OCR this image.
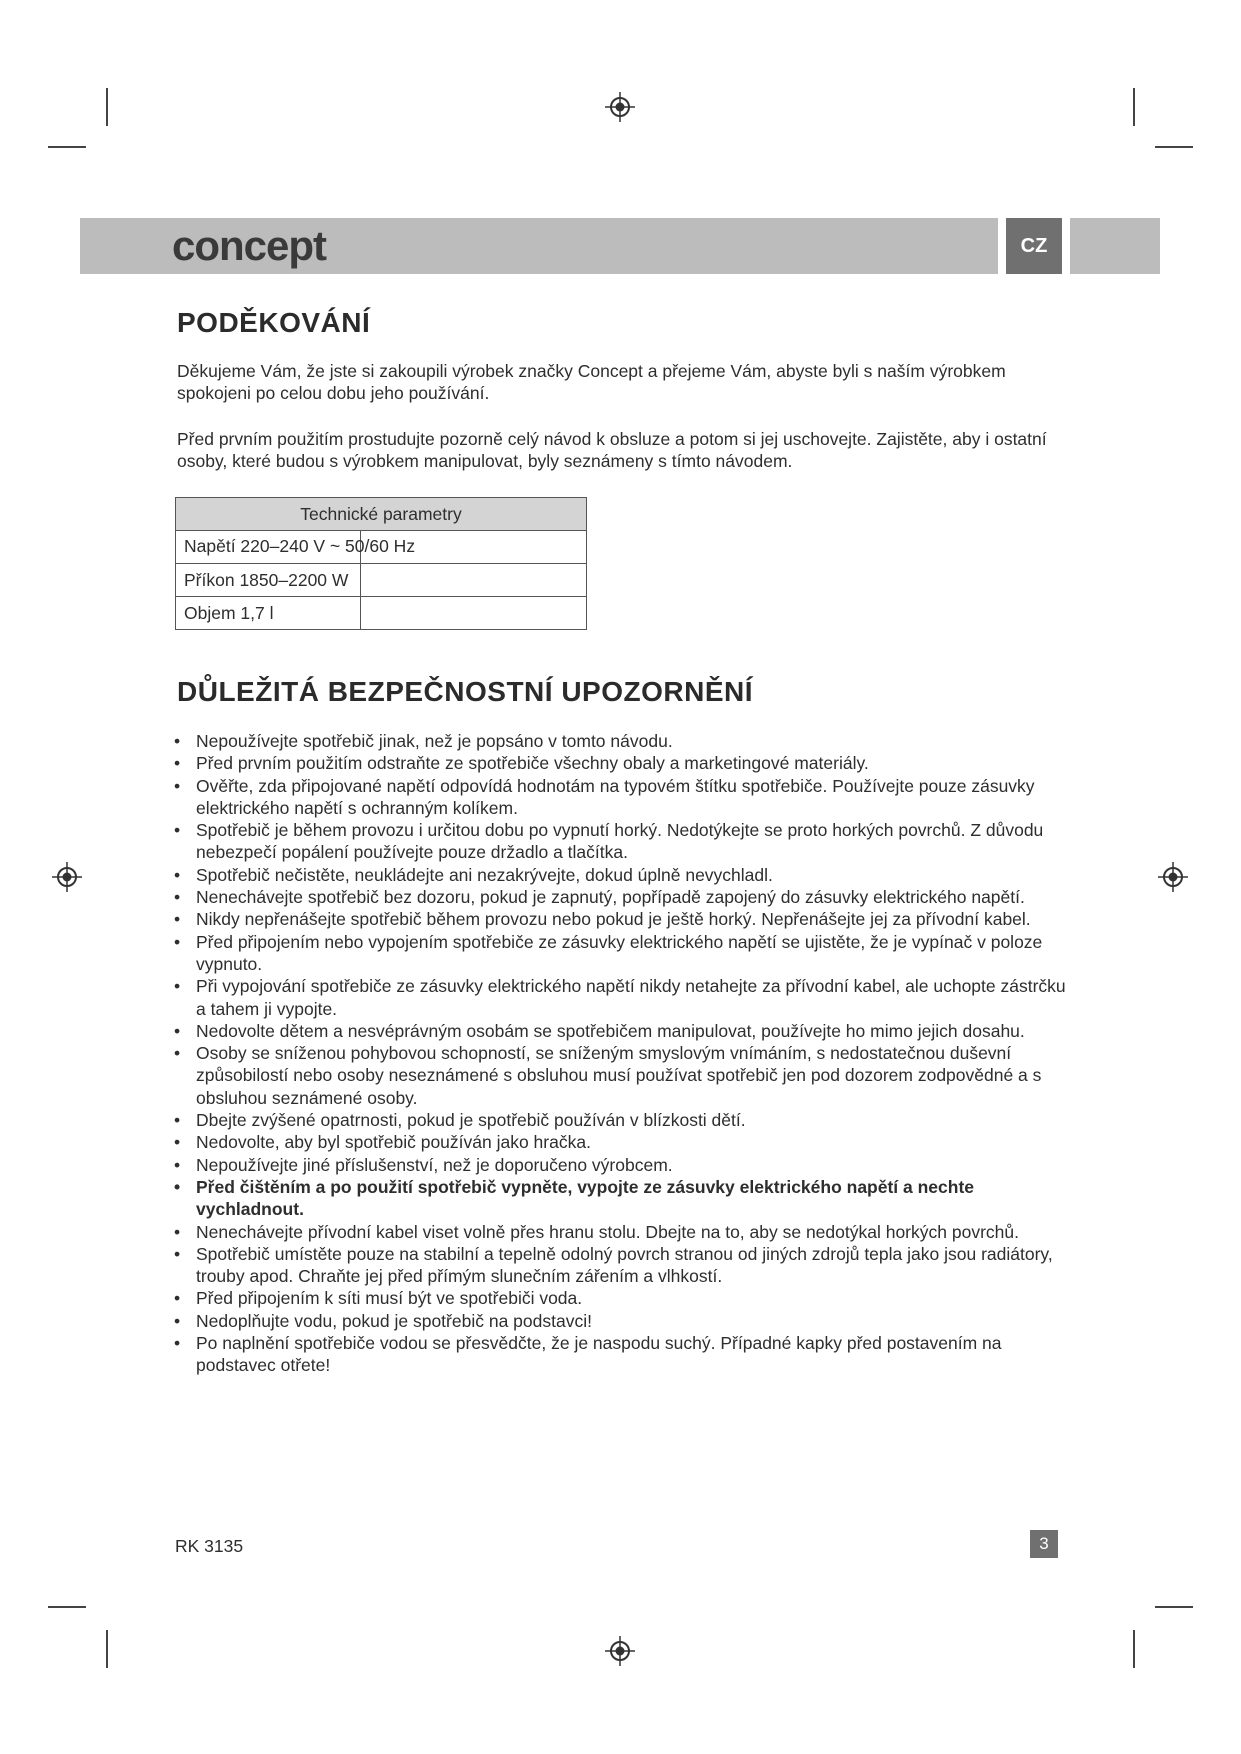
concept	CZ
PODĚKOVÁNÍ

Děkujeme Vám, že jste si zakoupili výrobek značky Concept a přejeme Vám, abyste byli s naším výrobkem spokojeni po celou dobu jeho používání.

Před prvním použitím prostudujte pozorně celý návod k obsluze a potom si jej uschovejte. Zajistěte, aby i ostatní osoby, které budou s výrobkem manipulovat, byly seznámeny s tímto návodem.

Technické parametry	

Napětí 220–240 V ~ 50/60 Hz	

Příkon 1850–2200 W	
Objem 1,7 l	
DŮLEŽITÁ BEZPEČNOSTNÍ UPOZORNĚNÍ
• Nepoužívejte spotřebič jinak, než je popsáno v tomto návodu.
• Před prvním použitím odstraňte ze spotřebiče všechny obaly a marketingové materiály.
• Ověřte, zda připojované napětí odpovídá hodnotám na typovém štítku spotřebiče. Používejte pouze zásuvky elektrického napětí s ochranným kolíkem.
• Spotřebič je během provozu i určitou dobu po vypnutí horký. Nedotýkejte se proto horkých povrchů. Z důvodu nebezpečí popálení používejte pouze držadlo a tlačítka.
• Spotřebič nečistěte, neukládejte ani nezakrývejte, dokud úplně nevychladl.
• Nenechávejte spotřebič bez dozoru, pokud je zapnutý, popřípadě zapojený do zásuvky elektrického napětí.
• Nikdy nepřenášejte spotřebič během provozu nebo pokud je ještě horký. Nepřenášejte jej za přívodní kabel.
• Před připojením nebo vypojením spotřebiče ze zásuvky elektrického napětí se ujistěte, že je vypínač v poloze vypnuto.
• Při vypojování spotřebiče ze zásuvky elektrického napětí nikdy netahejte za přívodní kabel, ale uchopte zástrčku a tahem ji vypojte.
• Nedovolte dětem a nesvéprávným osobám se spotřebičem manipulovat, používejte ho mimo jejich dosahu.
• Osoby se sníženou pohybovou schopností, se sníženým smyslovým vnímáním, s nedostatečnou duševní způsobilostí nebo osoby neseznámené s obsluhou musí používat spotřebič jen pod dozorem zodpovědné a s obsluhou seznámené osoby.
• Dbejte zvýšené opatrnosti, pokud je spotřebič používán v blízkosti dětí.
• Nedovolte, aby byl spotřebič používán jako hračka.
• Nepoužívejte jiné příslušenství, než je doporučeno výrobcem.
• Před čištěním a po použití spotřebič vypněte, vypojte ze zásuvky elektrického napětí a nechte vychladnout.
• Nenechávejte přívodní kabel viset volně přes hranu stolu. Dbejte na to, aby se nedotýkal horkých povrchů.
• Spotřebič umístěte pouze na stabilní a tepelně odolný povrch stranou od jiných zdrojů tepla jako jsou radiátory, trouby apod. Chraňte jej před přímým slunečním zářením a vlhkostí.
• Před připojením k síti musí být ve spotřebiči voda.
• Nedoplňujte vodu, pokud je spotřebič na podstavci!
• Po naplnění spotřebiče vodou se přesvědčte, že je naspodu suchý. Případné kapky před postavením na podstavec otřete!
RK 3135	3
